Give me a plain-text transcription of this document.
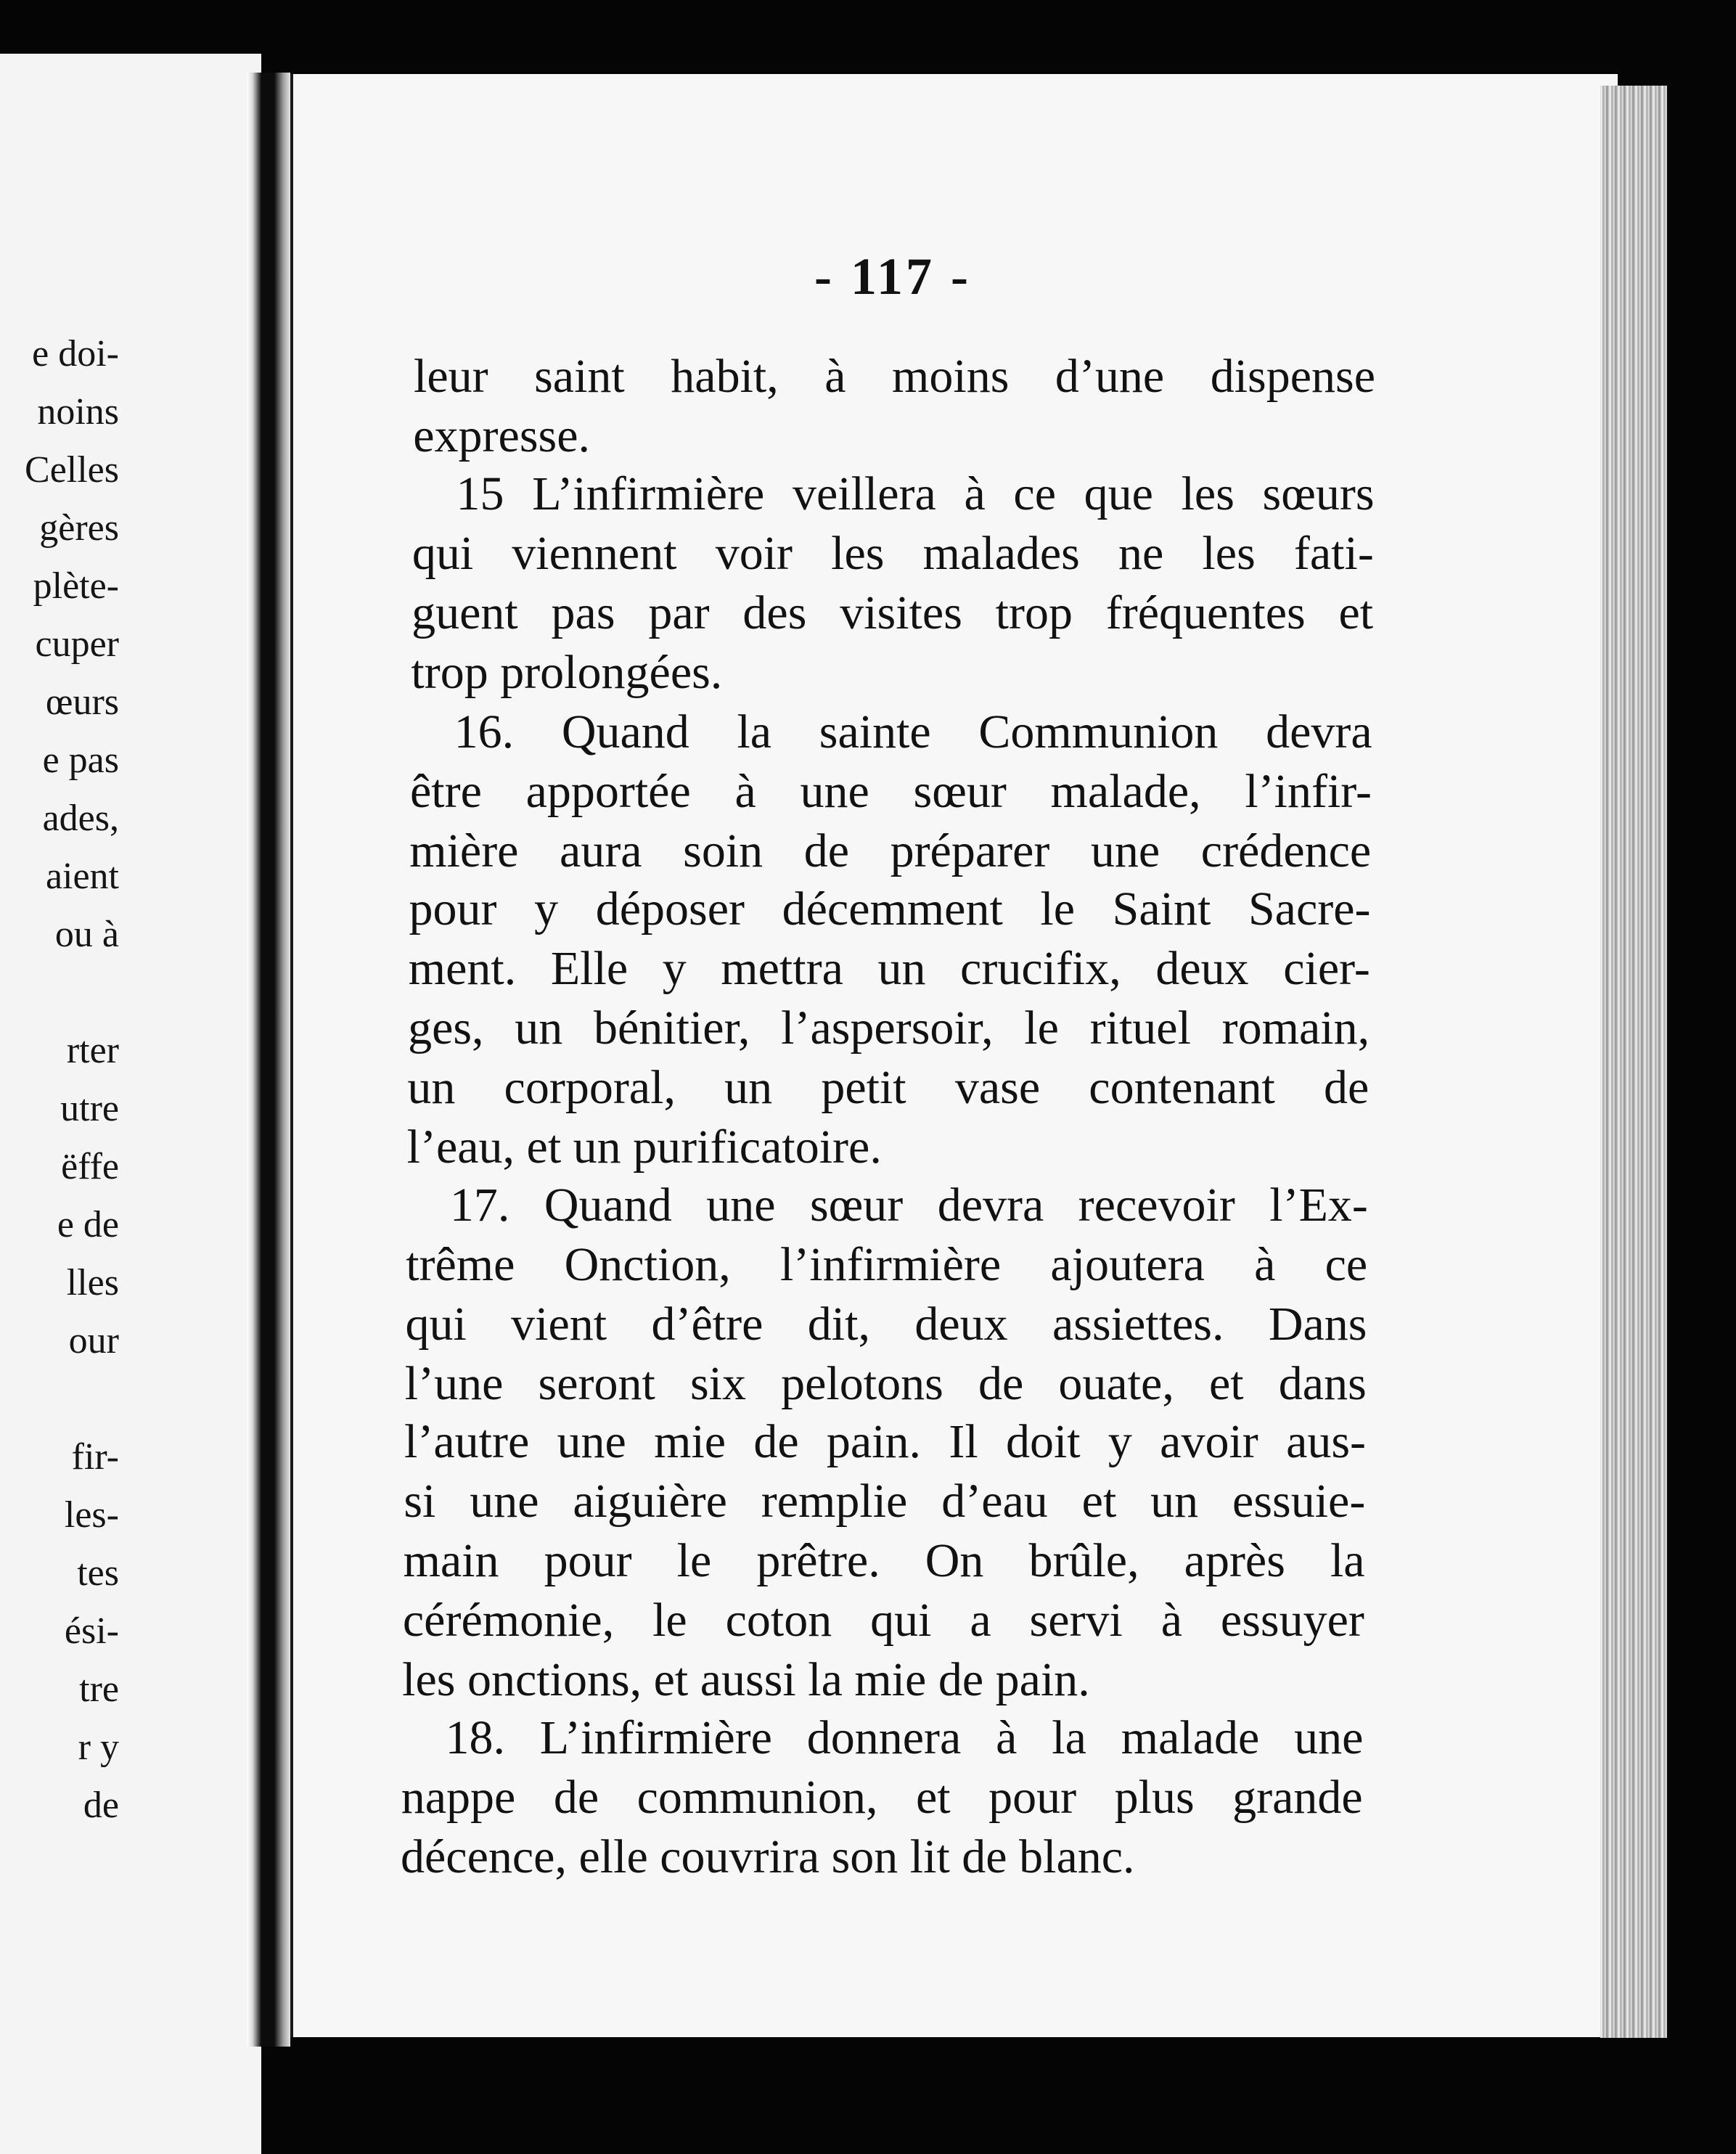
e doi-
noins
Celles
gères
plète-
cuper
œurs
e pas
ades,
aient
ou à
rter
utre
ëffe
e de
lles
our
fir-
les-
tes
ési-
tre
r y
de
- 117 -
leur saint habit, à moins d’une dispense
expresse.
15 L’infirmière veillera à ce que les sœurs
qui viennent voir les malades ne les fati-
guent pas par des visites trop fréquentes et
trop prolongées.
16. Quand la sainte Communion devra
être apportée à une sœur malade, l’infir-
mière aura soin de préparer une crédence
pour y déposer décemment le Saint Sacre-
ment. Elle y mettra un crucifix, deux cier-
ges, un bénitier, l’aspersoir, le rituel romain,
un corporal, un petit vase contenant de
l’eau, et un purificatoire.
17. Quand une sœur devra recevoir l’Ex-
trême Onction, l’infirmière ajoutera à ce
qui vient d’être dit, deux assiettes. Dans
l’une seront six pelotons de ouate, et dans
l’autre une mie de pain. Il doit y avoir aus-
si une aiguière remplie d’eau et un essuie-
main pour le prêtre. On brûle, après la
cérémonie, le coton qui a servi à essuyer
les onctions, et aussi la mie de pain.
18. L’infirmière donnera à la malade une
nappe de communion, et pour plus grande
décence, elle couvrira son lit de blanc.
